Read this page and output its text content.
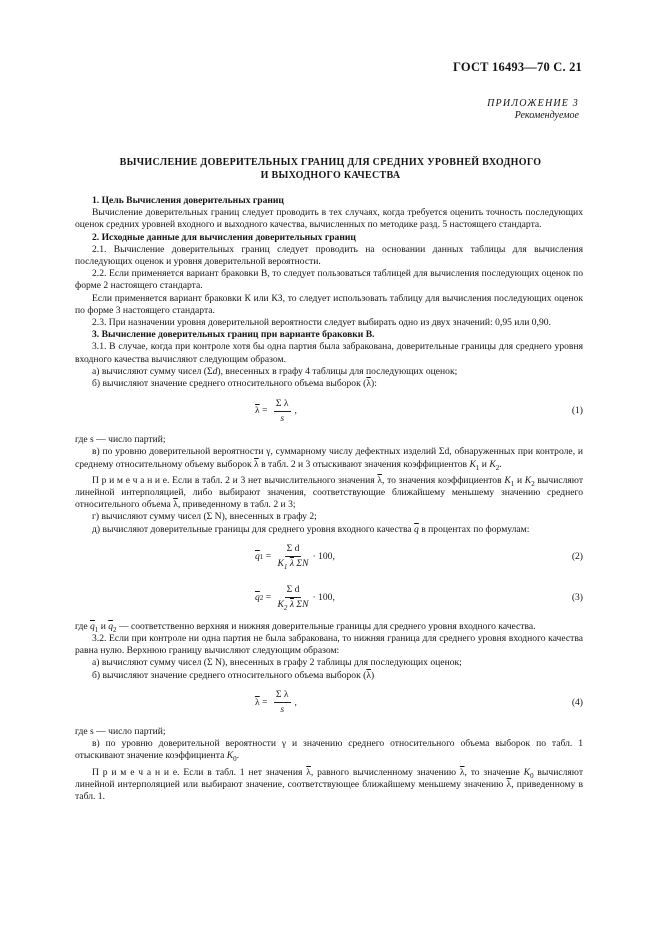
ГОСТ 16493—70 С. 21
ПРИЛОЖЕНИЕ 3
Рекомендуемое
ВЫЧИСЛЕНИЕ ДОВЕРИТЕЛЬНЫХ ГРАНИЦ ДЛЯ СРЕДНИХ УРОВНЕЙ ВХОДНОГО
И ВЫХОДНОГО КАЧЕСТВА

1. Цель Вычисления доверительных границ

Вычисление доверительных границ следует проводить в тех случаях, когда требуется оценить точность последующих оценок средних уровней входного и выходного качества, вычисленных по методике разд. 5 настоящего стандарта.

2. Исходные данные для вычисления доверительных границ

2.1. Вычисление доверительных границ следует проводить на основании данных таблицы для вычисления последующих оценок и уровня доверительной вероятности.

2.2. Если применяется вариант браковки В, то следует пользоваться таблицей для вычисления последующих оценок по форме 2 настоящего стандарта.

Если применяется вариант браковки К или КЗ, то следует использовать таблицу для вычисления последующих оценок по форме 3 настоящего стандарта.

2.3. При назначении уровня доверительной вероятности следует выбирать одно из двух значений: 0,95 или 0,90.

3. Вычисление доверительных границ при варианте браковки В.

3.1. В случае, когда при контроле хотя бы одна партия была забракована, доверительные границы для среднего уровня входного качества вычисляют следующим образом.

а) вычисляют сумму чисел (Σd), внесенных в графу 4 таблицы для последующих оценок;

б) вычисляют значение среднего относительного объема выборок $(\overline{\lambda})$:

$\overline{\lambda} = \frac{\text{Σ λ}}{s}$ ,	(1)

где s — число партий;

в) по уровню доверительной вероятности γ, суммарному числу дефектных изделий Σd, обнаруженных при контроле, и среднему относительному объему выборок $\overline{\lambda}$ в табл. 2 и 3 отыскивают значения коэффициентов $K_1$ и $K_2$.

П р и м е ч а н и е. Если в табл. 2 и 3 нет вычислительного значения $\overline{\lambda}$, то значения коэффициентов $K_1$ и $K_2$ вычисляют линейной интерполяцией, либо выбирают значения, соответствующие ближайшему меньшему значению среднего относительного объема $\overline{\lambda}$, приведенному в табл. 2 и 3;

г) вычисляют сумму чисел (Σ N), внесенных в графу 2;

д) вычисляют доверительные границы для среднего уровня входного качества $\overline{q}$ в процентах по формулам:

$\overline{q}$ $1 = \frac{\text{Σ d}}{K_1 \overline{\lambda} \Sigma N} \cdot 100$,	(2)
$\overline{q}$ $2 = \frac{\text{Σ d}}{K_2 \overline{\lambda} \Sigma N} \cdot 100$,	(3)

где $\overline{q}_1$ и $\overline{q}_2$ — соответственно верхняя и нижняя доверительные границы для среднего уровня входного качества.

3.2. Если при контроле ни одна партия не была забракована, то нижняя граница для среднего уровня входного качества равна нулю. Верхнюю границу вычисляют следующим образом:

а) вычисляют сумму чисел (Σ N), внесенных в графу 2 таблицы для последующих оценок;

б) вычисляют значение среднего относительного объема выборок $(\overline{\lambda})$

$\overline{\lambda} = \frac{\text{Σ λ}}{s}$ ,	(4)

где s — число партий;

в) по уровню доверительной вероятности γ и значению среднего относительного объема выборок по табл. 1 отыскивают значение коэффициента $K_0$.

П р и м е ч а н и е. Если в табл. 1 нет значения $\overline{\lambda}$, равного вычисленному значению $\overline{\lambda}$, то значение $K_0$ вычисляют линейной интерполяцией или выбирают значение, соответствующее ближайшему меньшему значению $\overline{\lambda}$, приведенному в табл. 1.
